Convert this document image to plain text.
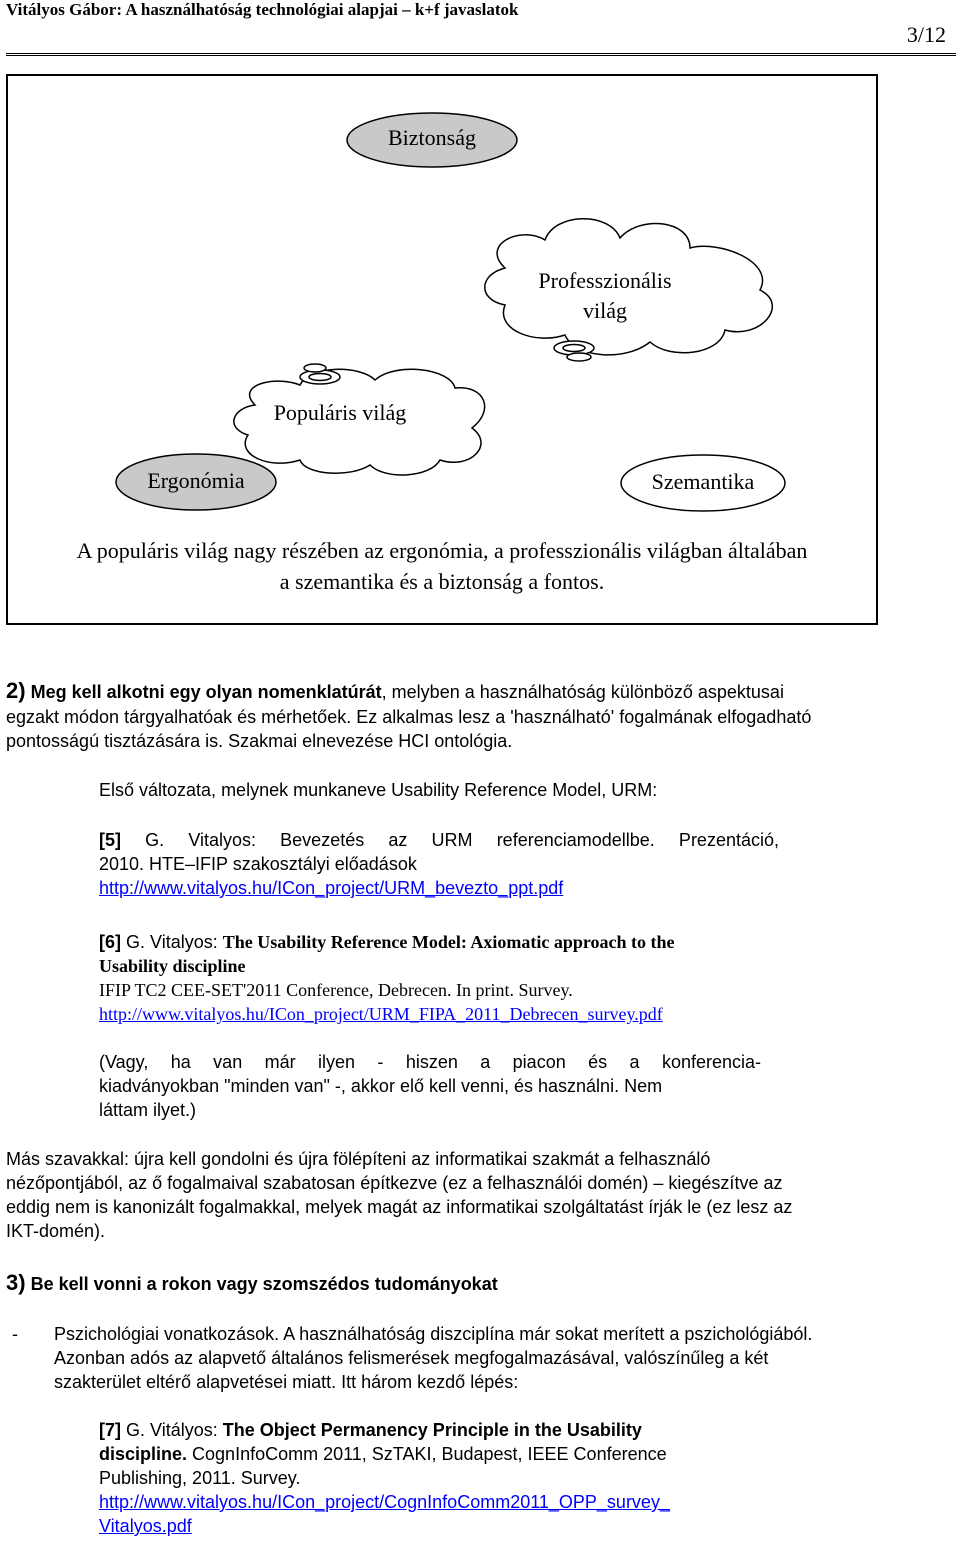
Vitályos Gábor: A használhatóság technológiai alapjai – k+f javaslatok
3/12
Biztonság
Professzionális
világ
Populáris világ
Ergonómia	Szemantika
A populáris világ nagy részében az ergonómia, a professzionális világban általában
a szemantika és a biztonság a fontos.
2) Meg kell alkotni egy olyan nomenklatúrát, melyben a használhatóság különböző aspektusai
egzakt módon tárgyalhatóak és mérhetőek. Ez alkalmas lesz a 'használható' fogalmának elfogadható
pontosságú tisztázására is. Szakmai elnevezése HCI ontológia.
Első változata, melynek munkaneve Usability Reference Model, URM:
[5] G. Vitalyos: Bevezetés az URM referenciamodellbe. Prezentáció,
2010. HTE–IFIP szakosztályi előadások
http://www.vitalyos.hu/ICon_project/URM_bevezto_ppt.pdf
[6] G. Vitalyos: The Usability Reference Model: Axiomatic approach to the
Usability discipline
IFIP TC2 CEE-SET'2011 Conference, Debrecen. In print. Survey.
http://www.vitalyos.hu/ICon_project/URM_FIPA_2011_Debrecen_survey.pdf
(Vagy, ha van már ilyen - hiszen a piacon és a konferencia-
kiadványokban "minden van" -, akkor elő kell venni, és használni. Nem
láttam ilyet.)
Más szavakkal: újra kell gondolni és újra fölépíteni az informatikai szakmát a felhasználó
nézőpontjából, az ő fogalmaival szabatosan építkezve (ez a felhasználói domén) – kiegészítve az
eddig nem is kanonizált fogalmakkal, melyek magát az informatikai szolgáltatást írják le (ez lesz az
IKT-domén).
3) Be kell vonni a rokon vagy szomszédos tudományokat
- Pszichológiai vonatkozások. A használhatóság diszciplína már sokat merített a pszichológiából.
Azonban adós az alapvető általános felismerések megfogalmazásával, valószínűleg a két
szakterület eltérő alapvetései miatt. Itt három kezdő lépés:
[7] G. Vitályos: The Object Permanency Principle in the Usability
discipline. CognInfoComm 2011, SzTAKI, Budapest, IEEE Conference
Publishing, 2011. Survey.
http://www.vitalyos.hu/ICon_project/CognInfoComm2011_OPP_survey_
Vitalyos.pdf
